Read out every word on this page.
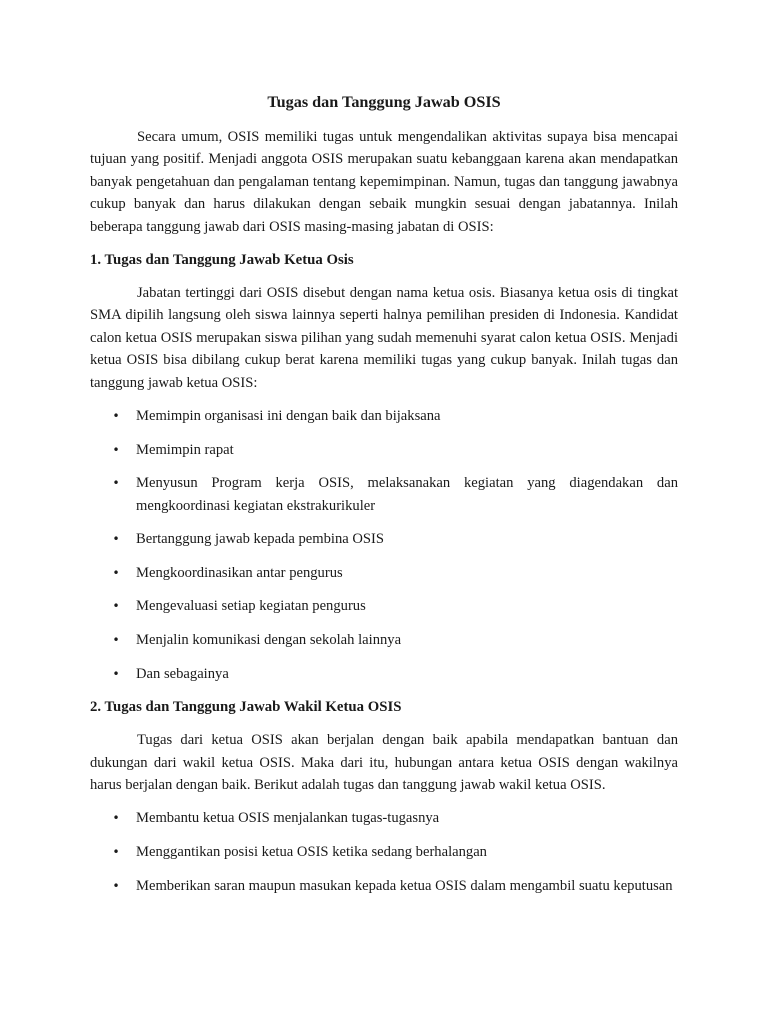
Tugas dan Tanggung Jawab OSIS

Secara umum, OSIS memiliki tugas untuk mengendalikan aktivitas supaya bisa mencapai tujuan yang positif. Menjadi anggota OSIS merupakan suatu kebanggaan karena akan mendapatkan banyak pengetahuan dan pengalaman tentang kepemimpinan. Namun, tugas dan tanggung jawabnya cukup banyak dan harus dilakukan dengan sebaik mungkin sesuai dengan jabatannya. Inilah beberapa tanggung jawab dari OSIS masing-masing jabatan di OSIS:

1. Tugas dan Tanggung Jawab Ketua Osis

Jabatan tertinggi dari OSIS disebut dengan nama ketua osis. Biasanya ketua osis di tingkat SMA dipilih langsung oleh siswa lainnya seperti halnya pemilihan presiden di Indonesia. Kandidat calon ketua OSIS merupakan siswa pilihan yang sudah memenuhi syarat calon ketua OSIS. Menjadi ketua OSIS bisa dibilang cukup berat karena memiliki tugas yang cukup banyak. Inilah tugas dan tanggung jawab ketua OSIS:

•
Memimpin organisasi ini dengan baik dan bijaksana
•
Memimpin rapat
•
Menyusun Program kerja OSIS, melaksanakan kegiatan yang diagendakan dan mengkoordinasi kegiatan ekstrakurikuler
•
Bertanggung jawab kepada pembina OSIS
•
Mengkoordinasikan antar pengurus
•
Mengevaluasi setiap kegiatan pengurus
•
Menjalin komunikasi dengan sekolah lainnya
•
Dan sebagainya
2. Tugas dan Tanggung Jawab Wakil Ketua OSIS

Tugas dari ketua OSIS akan berjalan dengan baik apabila mendapatkan bantuan dan dukungan dari wakil ketua OSIS. Maka dari itu, hubungan antara ketua OSIS dengan wakilnya harus berjalan dengan baik. Berikut adalah tugas dan tanggung jawab wakil ketua OSIS.

•
Membantu ketua OSIS menjalankan tugas-tugasnya
•
Menggantikan posisi ketua OSIS ketika sedang berhalangan
•
Memberikan saran maupun masukan kepada ketua OSIS dalam mengambil suatu keputusan
